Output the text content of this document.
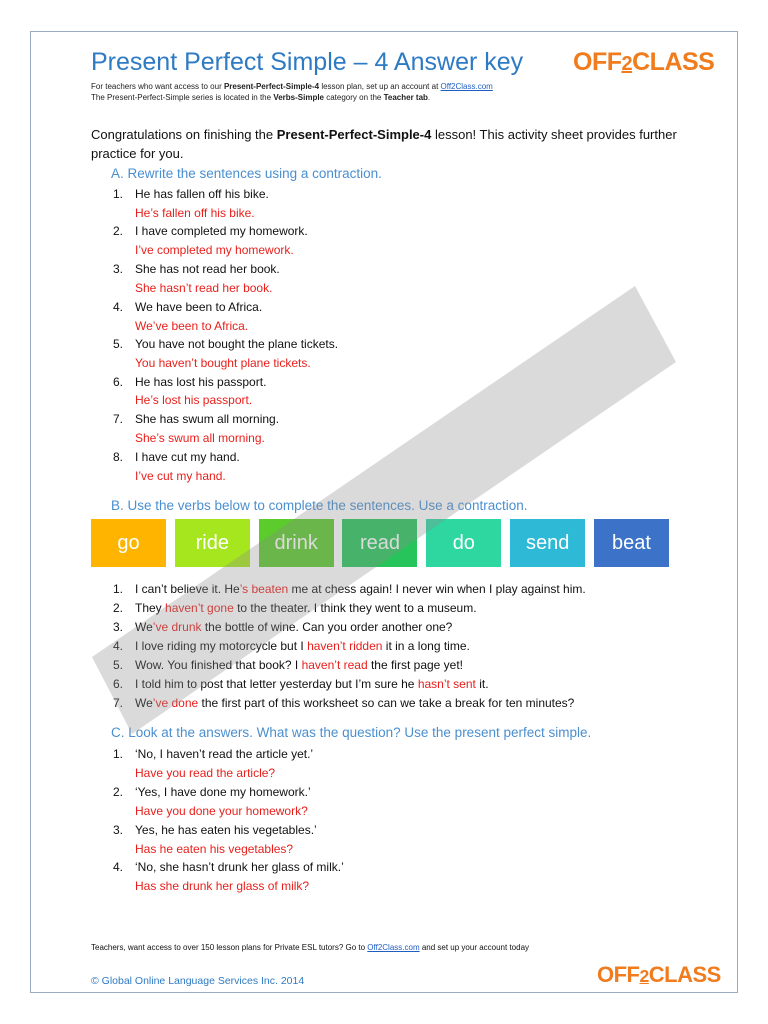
Present Perfect Simple – 4 Answer key OFF2CLASS
For teachers who want access to our Present-Perfect-Simple-4 lesson plan, set up an account at Off2Class.com
The Present-Perfect-Simple series is located in the Verbs-Simple category on the Teacher tab.
Congratulations on finishing the Present-Perfect-Simple-4 lesson! This activity sheet provides further practice for you.
A. Rewrite the sentences using a contraction.
1. He has fallen off his bike.
He’s fallen off his bike.
2. I have completed my homework.
I’ve completed my homework.
3. She has not read her book.
She hasn’t read her book.
4. We have been to Africa.
We’ve been to Africa.
5. You have not bought the plane tickets.
You haven’t bought plane tickets.
6. He has lost his passport.
He’s lost his passport.
7. She has swum all morning.
She’s swum all morning.
8. I have cut my hand.
I’ve cut my hand.
B. Use the verbs below to complete the sentences. Use a contraction.
go	ride	drink	read	do	send	beat
1. I can’t believe it. He’s beaten me at chess again! I never win when I play against him.
2. They haven’t gone to the theater. I think they went to a museum.
3. We’ve drunk the bottle of wine. Can you order another one?
4. I love riding my motorcycle but I haven’t ridden it in a long time.
5. Wow. You finished that book? I haven’t read the first page yet!
6. I told him to post that letter yesterday but I’m sure he hasn’t sent it.
7. We’ve done the first part of this worksheet so can we take a break for ten minutes?
C. Look at the answers. What was the question? Use the present perfect simple.
1. ‘No, I haven’t read the article yet.’
Have you read the article?
2. ‘Yes, I have done my homework.’
Have you done your homework?
3. Yes, he has eaten his vegetables.’
Has he eaten his vegetables?
4. ‘No, she hasn’t drunk her glass of milk.’
Has she drunk her glass of milk?
Teachers, want access to over 150 lesson plans for Private ESL tutors? Go to Off2Class.com and set up your account today
© Global Online Language Services Inc. 2014	OFF2CLASS
